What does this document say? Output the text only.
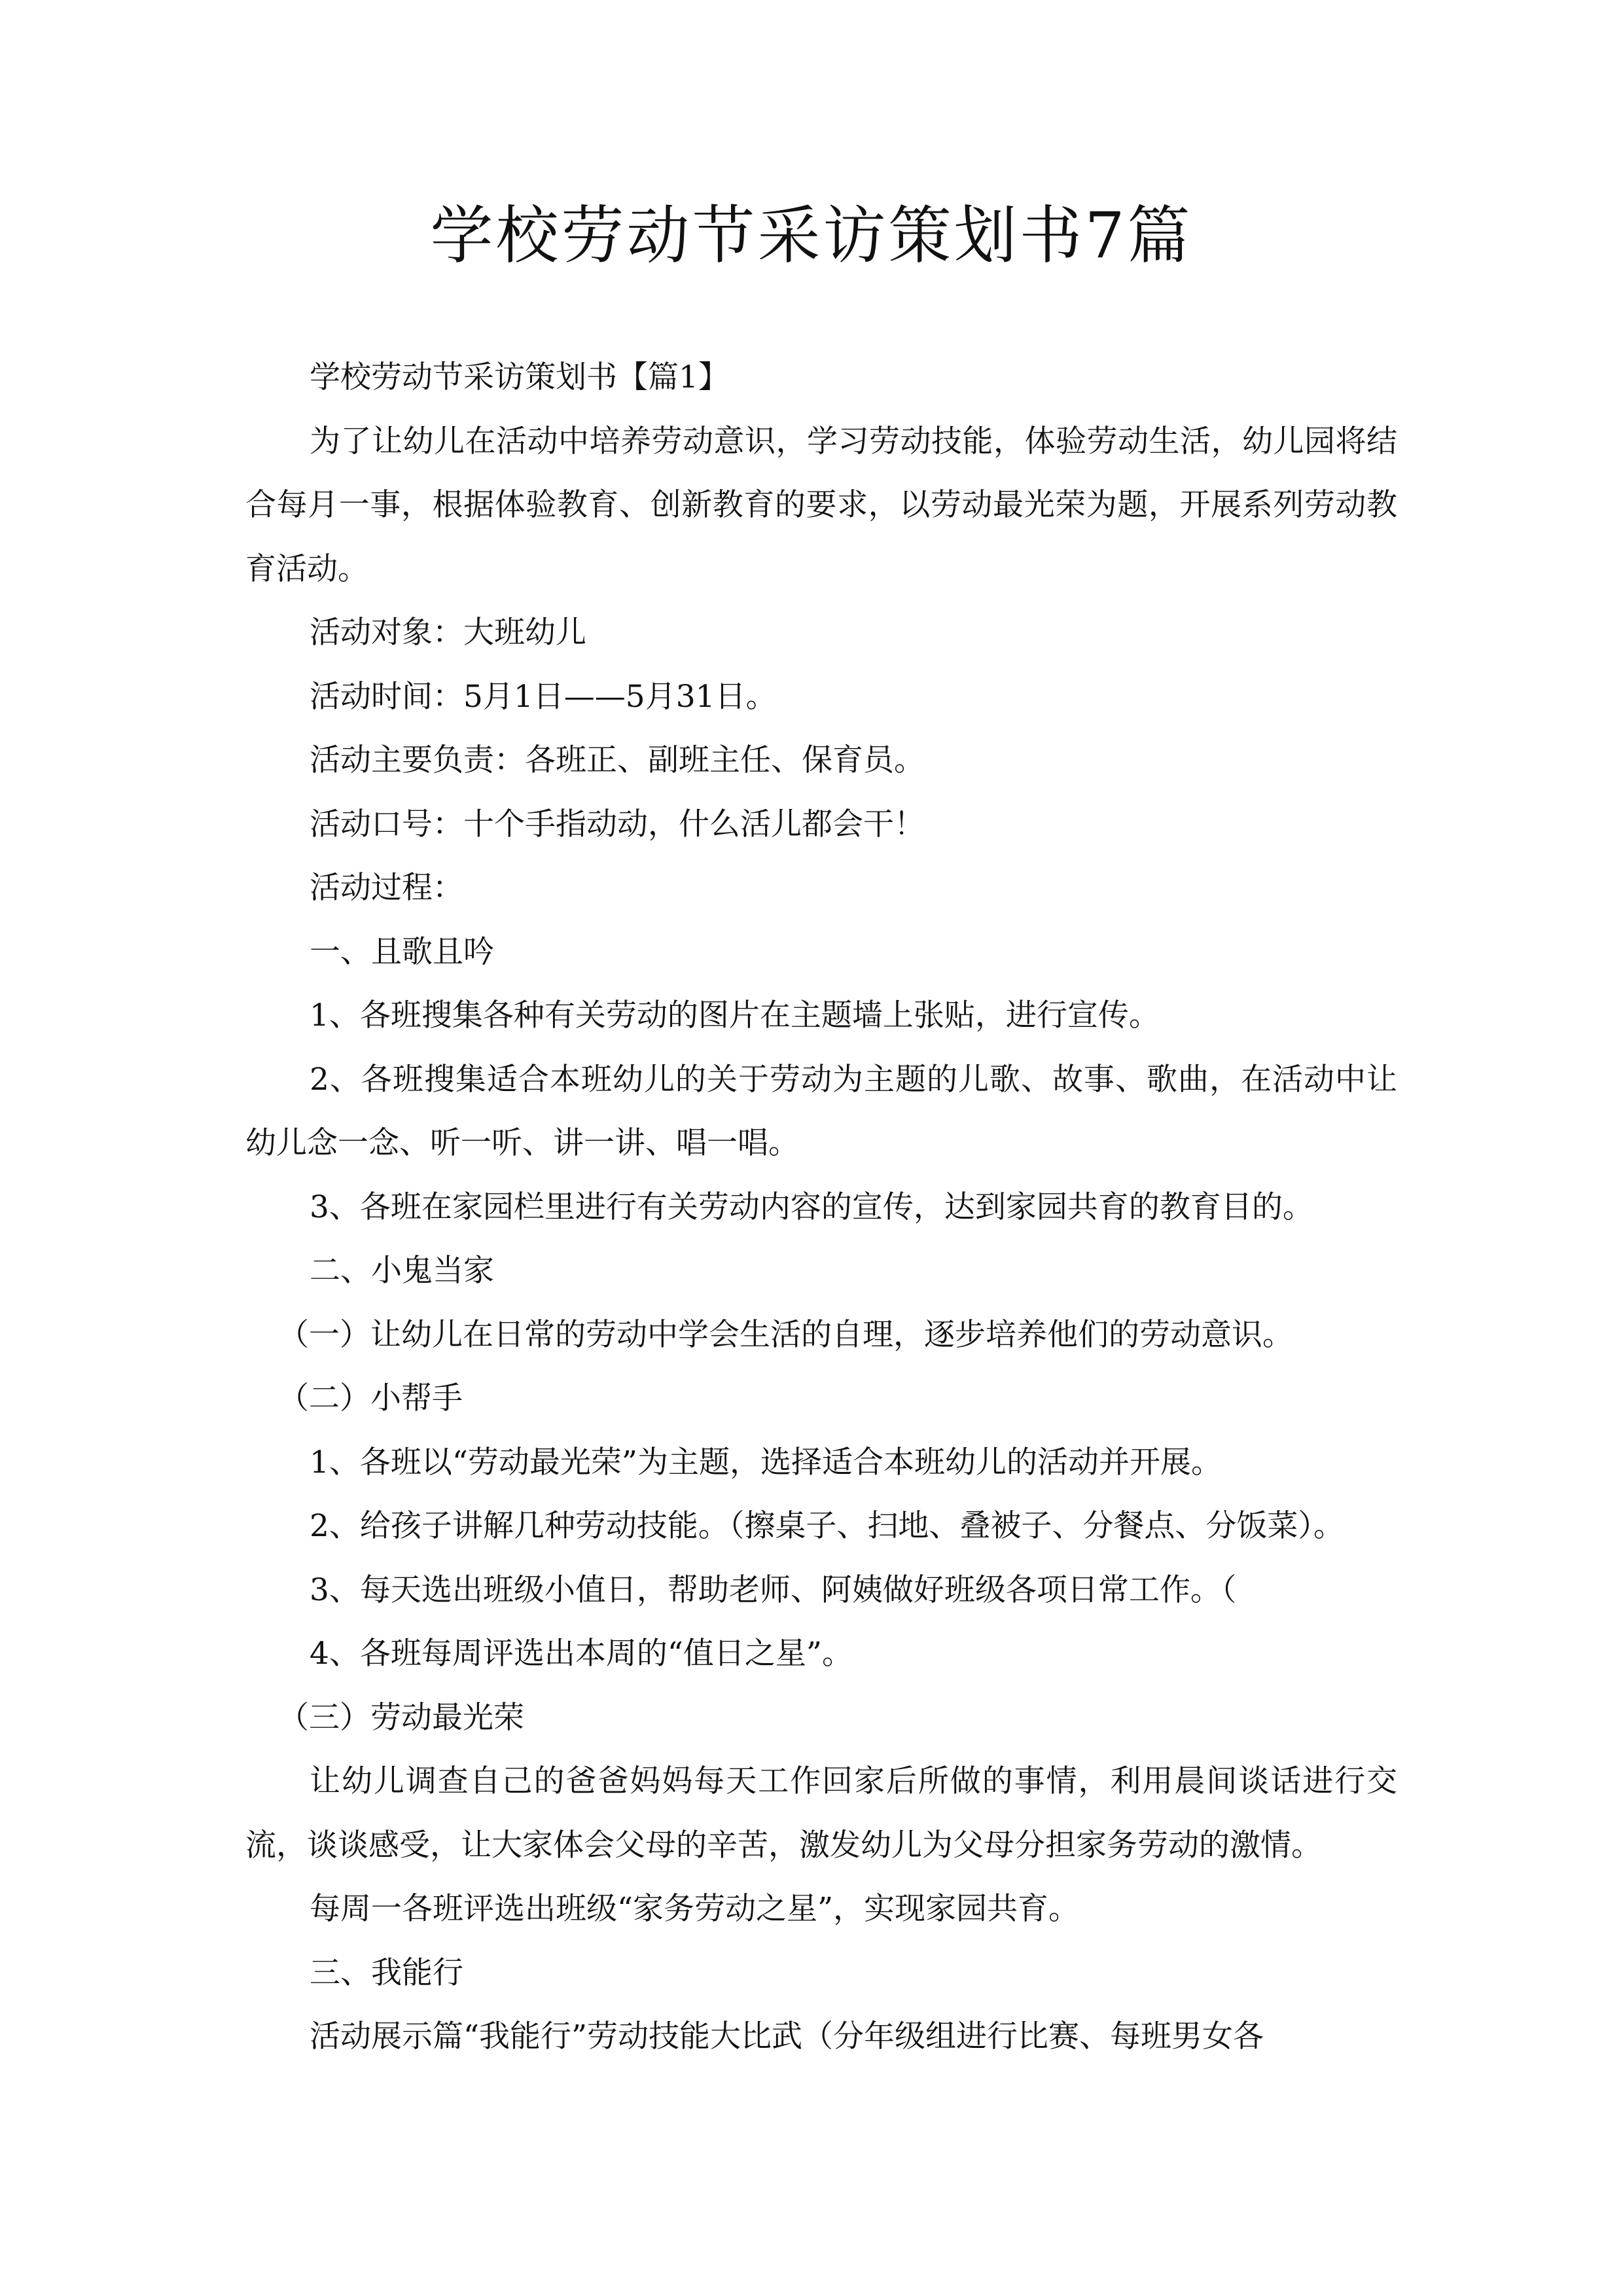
学校劳动节采访策划书7篇

学校劳动节采访策划书【篇1】

为了让幼儿在活动中培养劳动意识，学习劳动技能，体验劳动生活，幼儿园将结合每月一事，根据体验教育、创新教育的要求，以劳动最光荣为题，开展系列劳动教育活动。

活动对象：大班幼儿

活动时间：5月1日——5月31日。

活动主要负责：各班正、副班主任、保育员。

活动口号：十个手指动动，什么活儿都会干！

活动过程：

一、且歌且吟

1、各班搜集各种有关劳动的图片在主题墙上张贴，进行宣传。

2、各班搜集适合本班幼儿的关于劳动为主题的儿歌、故事、歌曲，在活动中让幼儿念一念、听一听、讲一讲、唱一唱。

3、各班在家园栏里进行有关劳动内容的宣传，达到家园共育的教育目的。

二、小鬼当家

（一）让幼儿在日常的劳动中学会生活的自理，逐步培养他们的劳动意识。

（二）小帮手

1、各班以“劳动最光荣”为主题，选择适合本班幼儿的活动并开展。

2、给孩子讲解几种劳动技能。（擦桌子、扫地、叠被子、分餐点、分饭菜）。

3、每天选出班级小值日，帮助老师、阿姨做好班级各项日常工作。（

4、各班每周评选出本周的“值日之星”。

（三）劳动最光荣

让幼儿调查自己的爸爸妈妈每天工作回家后所做的事情，利用晨间谈话进行交流，谈谈感受，让大家体会父母的辛苦，激发幼儿为父母分担家务劳动的激情。

每周一各班评选出班级“家务劳动之星”，实现家园共育。

三、我能行

活动展示篇“我能行”劳动技能大比武（分年级组进行比赛、每班男女各
